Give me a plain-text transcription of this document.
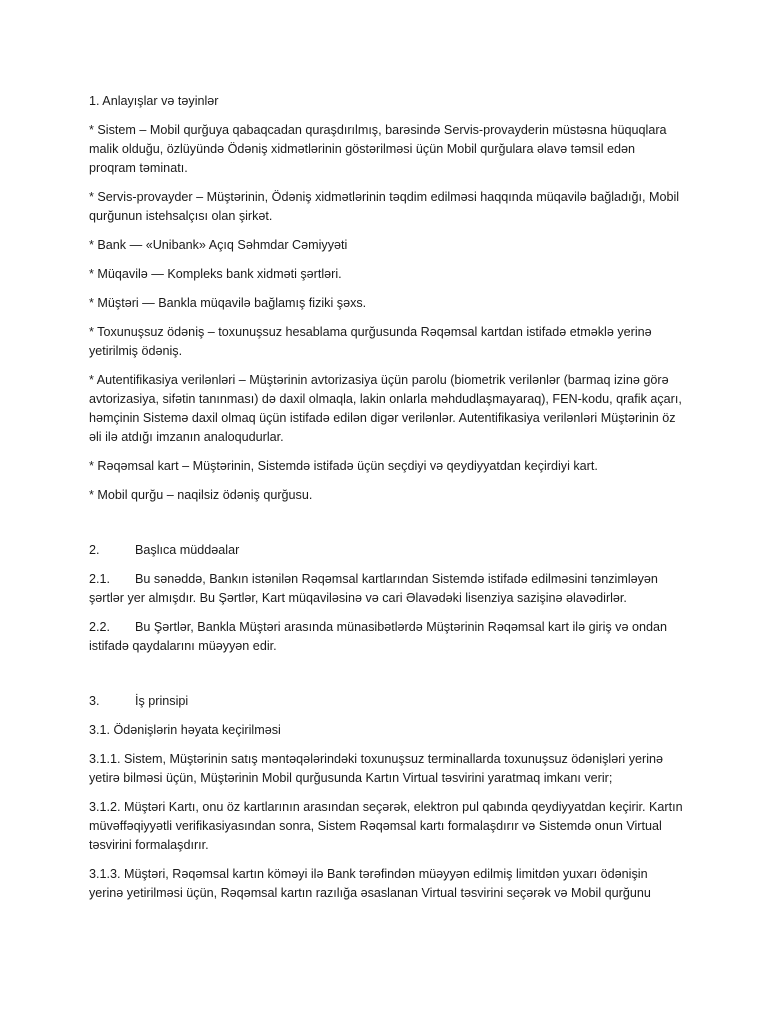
1. Anlayışlar və təyinlər

* Sistem – Mobil qurğuya qabaqcadan quraşdırılmış, barəsində Servis-provayderin müstəsna hüquqlara malik olduğu, özlüyündə Ödəniş xidmətlərinin göstərilməsi üçün Mobil qurğulara əlavə təmsil edən proqram təminatı.

* Servis-provayder – Müştərinin, Ödəniş xidmətlərinin təqdim edilməsi haqqında müqavilə bağladığı, Mobil qurğunun istehsalçısı olan şirkət.

* Bank — «Unibank» Açıq Səhmdar Cəmiyyəti

* Müqavilə — Kompleks bank xidməti şərtləri.

* Müştəri — Bankla müqavilə bağlamış fiziki şəxs.

* Toxunuşsuz ödəniş – toxunuşsuz hesablama qurğusunda Rəqəmsal kartdan istifadə etməklə yerinə yetirilmiş ödəniş.

* Autentifikasiya verilənləri – Müştərinin avtorizasiya üçün parolu (biometrik verilənlər (barmaq izinə görə avtorizasiya, sifətin tanınması) də daxil olmaqla, lakin onlarla məhdudlaşmayaraq), FEN-kodu, qrafik açarı, həmçinin Sistemə daxil olmaq üçün istifadə edilən digər verilənlər. Autentifikasiya verilənləri Müştərinin öz əli ilə atdığı imzanın analoqudurlar.

* Rəqəmsal kart – Müştərinin, Sistemdə istifadə üçün seçdiyi və qeydiyyatdan keçirdiyi kart.

* Mobil qurğu – naqilsiz ödəniş qurğusu.

2.	Başlıca müddəalar

2.1. Bu sənəddə, Bankın istənilən Rəqəmsal kartlarından Sistemdə istifadə edilməsini tənzimləyən şərtlər yer almışdır. Bu Şərtlər, Kart müqaviləsinə və cari Əlavədəki lisenziya sazişinə əlavədirlər.

2.2. Bu Şərtlər, Bankla Müştəri arasında münasibətlərdə Müştərinin Rəqəmsal kart ilə giriş və ondan istifadə qaydalarını müəyyən edir.

3.	İş prinsipi

3.1. Ödənişlərin həyata keçirilməsi

3.1.1. Sistem, Müştərinin satış məntəqələrindəki toxunuşsuz terminallarda toxunuşsuz ödənişləri yerinə yetirə bilməsi üçün, Müştərinin Mobil qurğusunda Kartın Virtual təsvirini yaratmaq imkanı verir;

3.1.2. Müştəri Kartı, onu öz kartlarının arasından seçərək, elektron pul qabında qeydiyyatdan keçirir. Kartın müvəffəqiyyətli verifikasiyasından sonra, Sistem Rəqəmsal kartı formalaşdırır və Sistemdə onun Virtual təsvirini formalaşdırır.

3.1.3. Müştəri, Rəqəmsal kartın köməyi ilə Bank tərəfindən müəyyən edilmiş limitdən yuxarı ödənişin yerinə yetirilməsi üçün, Rəqəmsal kartın razılığa əsaslanan Virtual təsvirini seçərək və Mobil qurğunu
